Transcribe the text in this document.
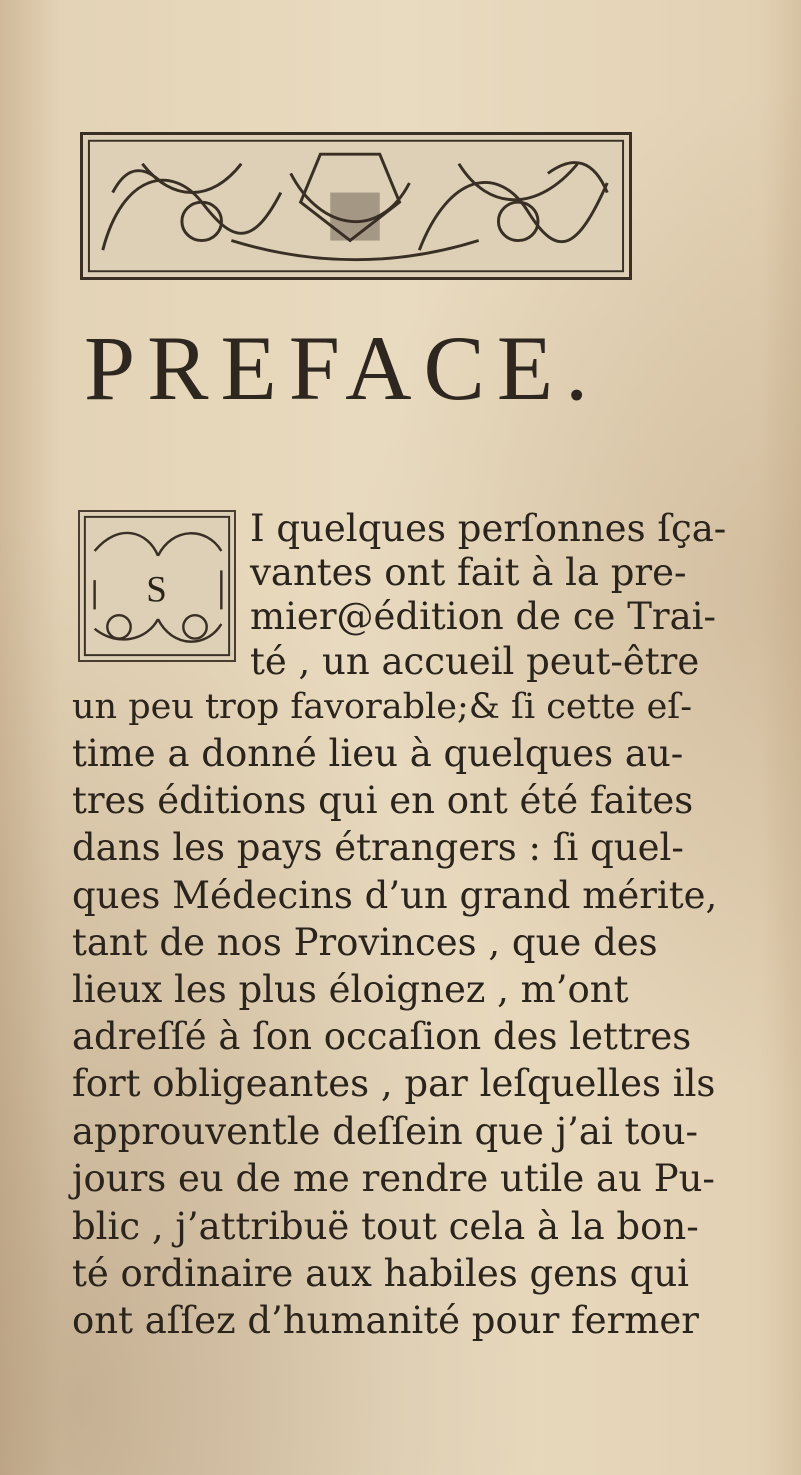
PREFACE.
S
I quelques perſonnes ſça-
vantes ont fait à la pre-
mier@édition de ce Trai-
té , un accueil peut-être
un peu trop favorable;& ſi cette eſ-
time a donné lieu à quelques au-
tres éditions qui en ont été faites
dans les pays étrangers : ſi quel-
ques Médecins d’un grand mérite,
tant de nos Provinces , que des
lieux les plus éloignez , m’ont
adreſſé à ſon occaſion des lettres
fort obligeantes , par leſquelles ils
approuventle deſſein que j’ai tou-
jours eu de me rendre utile au Pu-
blic , j’attribuë tout cela à la bon-
té ordinaire aux habiles gens qui
ont aſſez d’humanité pour fermer
